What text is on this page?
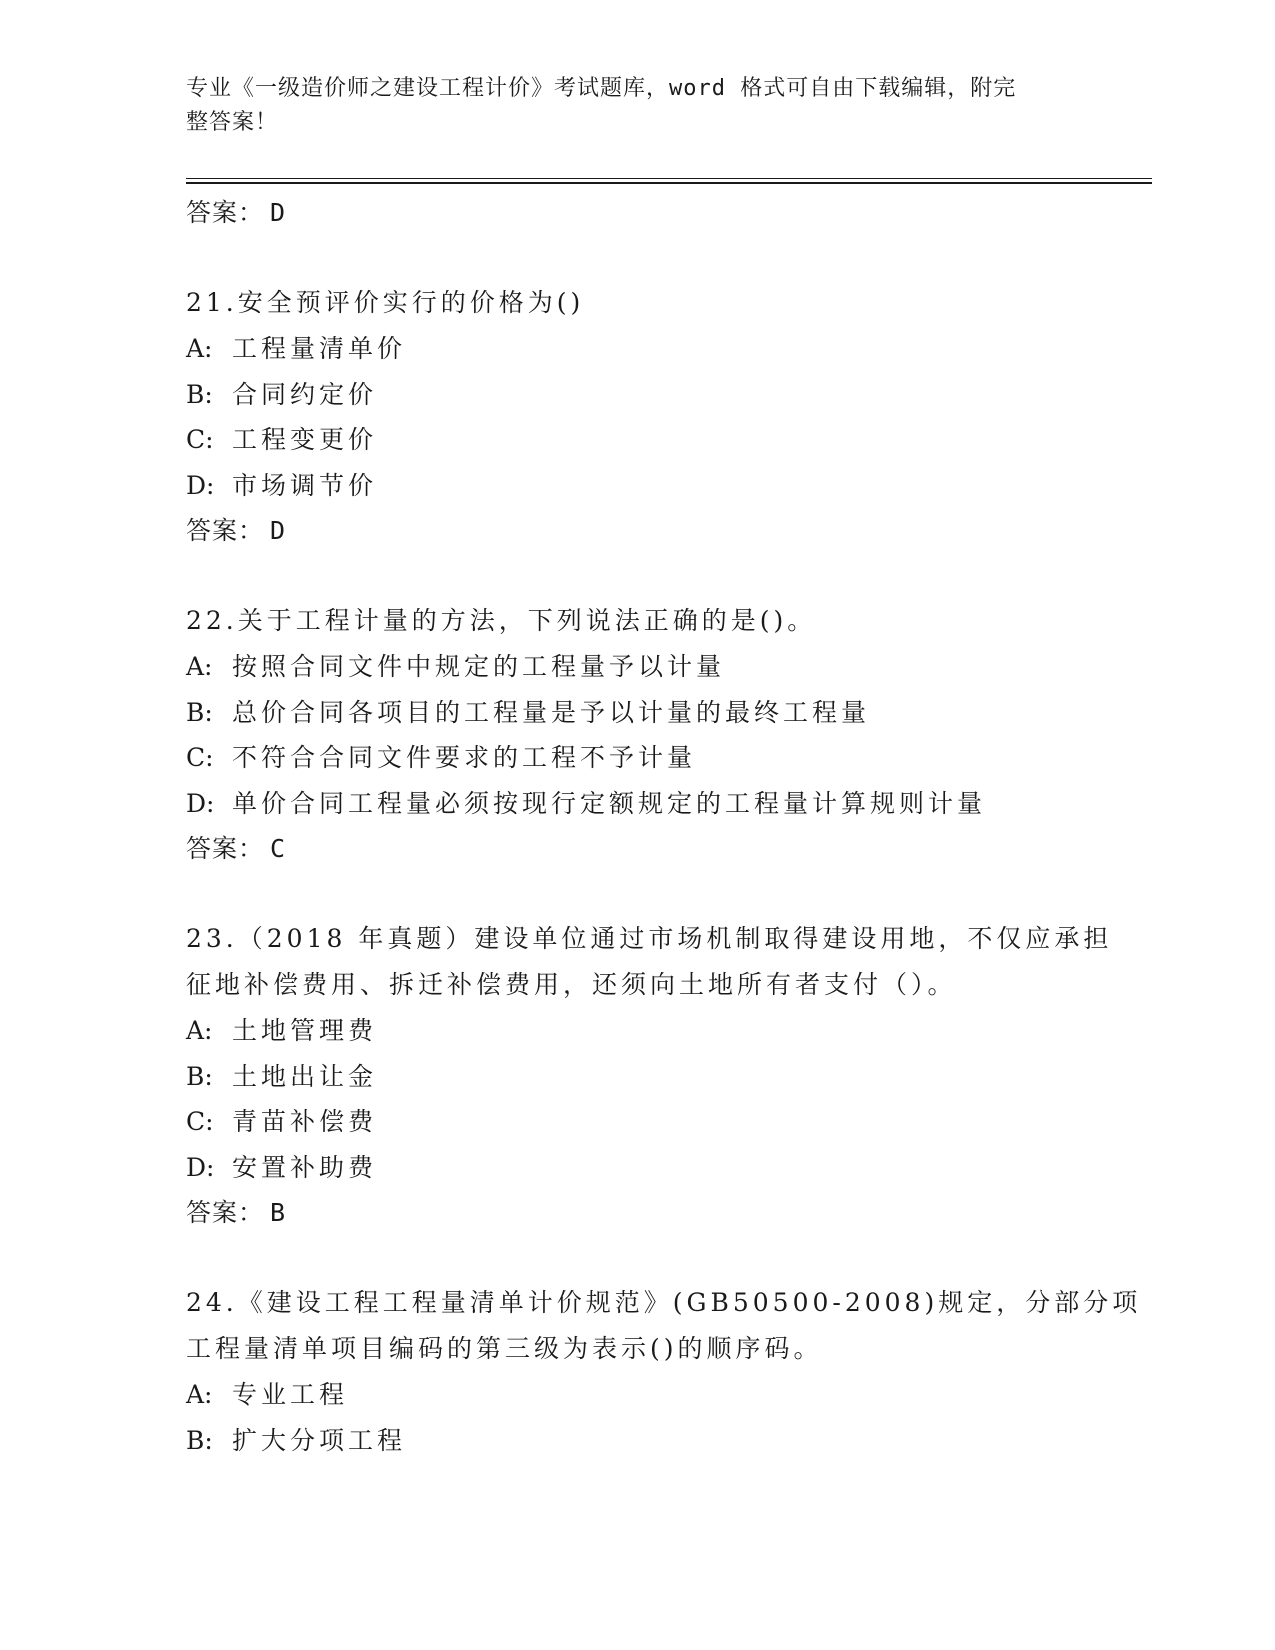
专业《一级造价师之建设工程计价》考试题库，word 格式可自由下载编辑，附完
整答案！

答案： D

21.安全预评价实行的价格为()

A: 工程量清单价

B: 合同约定价

C: 工程变更价

D: 市场调节价

答案： D

22.关于工程计量的方法，下列说法正确的是()。

A: 按照合同文件中规定的工程量予以计量

B: 总价合同各项目的工程量是予以计量的最终工程量

C: 不符合合同文件要求的工程不予计量

D: 单价合同工程量必须按现行定额规定的工程量计算规则计量

答案： C

23.（2018 年真题）建设单位通过市场机制取得建设用地，不仅应承担

征地补偿费用、拆迁补偿费用，还须向土地所有者支付（）。

A: 土地管理费

B: 土地出让金

C: 青苗补偿费

D: 安置补助费

答案： B

24.《建设工程工程量清单计价规范》(GB50500-2008)规定，分部分项

工程量清单项目编码的第三级为表示()的顺序码。

A: 专业工程

B: 扩大分项工程
